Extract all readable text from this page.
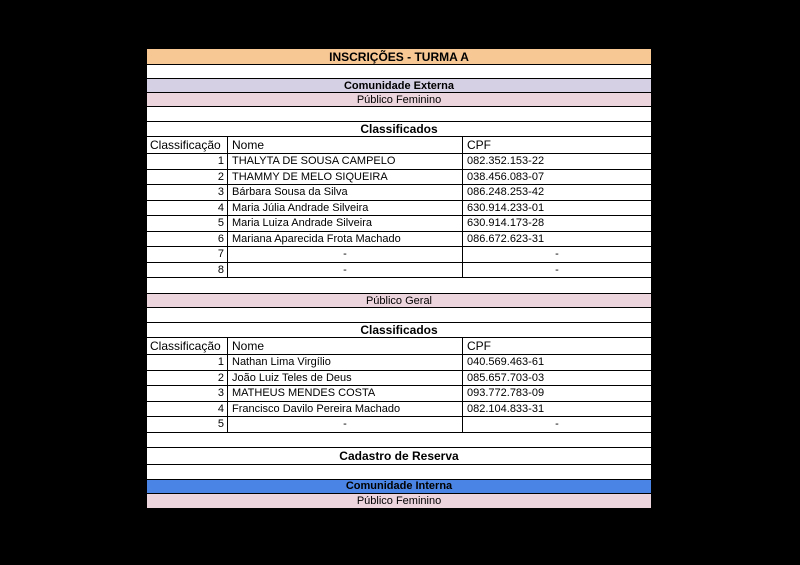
INSCRIÇÕES - TURMA A
Comunidade Externa
Público Feminino
Classificados
Classificação Nome	CPF
1 THALYTA DE SOUSA CAMPELO	082.352.153-22
2 THAMMY DE MELO SIQUEIRA	038.456.083-07
3 Bárbara Sousa da Silva	086.248.253-42
4 Maria Júlia Andrade Silveira	630.914.233-01
5 Maria Luiza Andrade Silveira	630.914.173-28
6 Mariana Aparecida Frota Machado	086.672.623-31
7	-	-
8	-	-
Público Geral
Classificados
Classificação Nome	CPF
1 Nathan Lima Virgílio	040.569.463-61
2 João Luiz Teles de Deus	085.657.703-03
3 MATHEUS MENDES COSTA	093.772.783-09
4 Francisco Davilo Pereira Machado	082.104.833-31
5	-	-
Cadastro de Reserva
Comunidade Interna
Público Feminino
